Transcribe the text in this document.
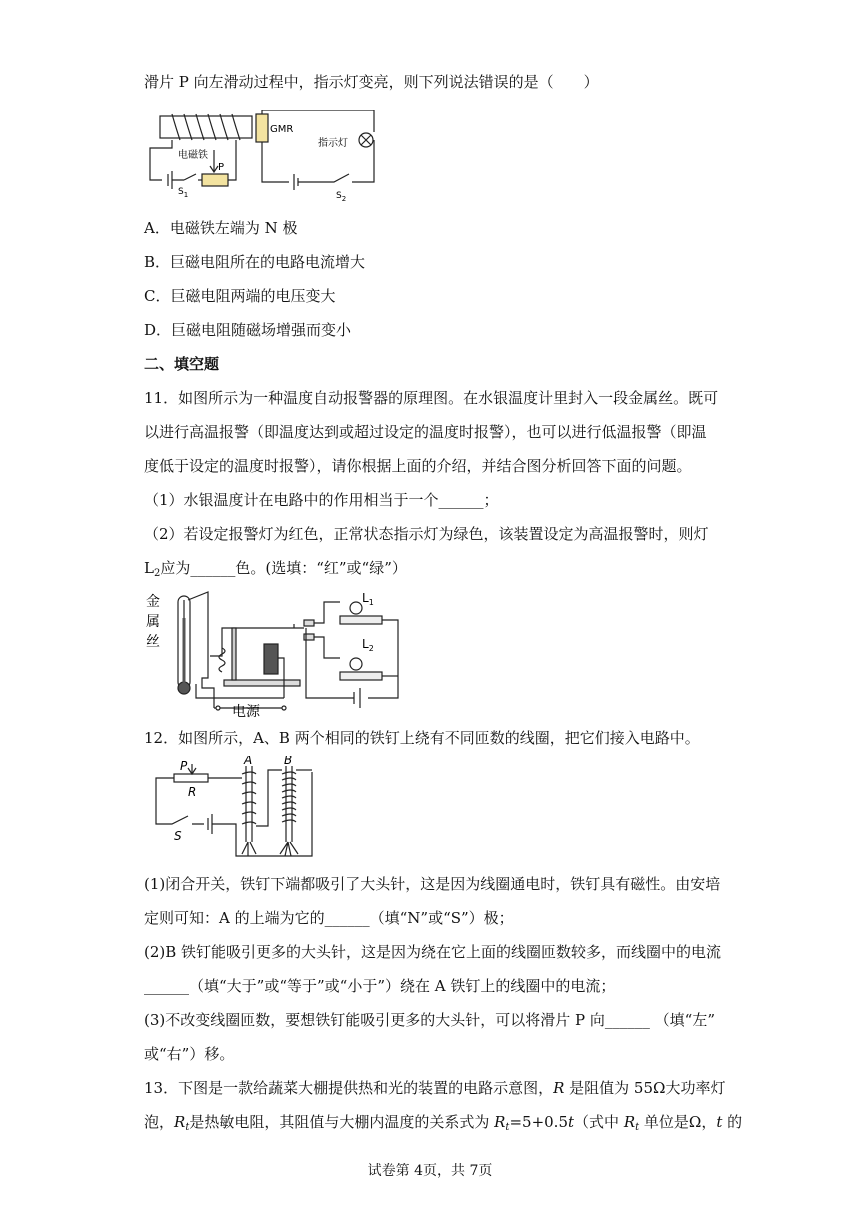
滑片 P 向左滑动过程中，指示灯变亮，则下列说法错误的是（　　）
GMR
电磁铁
指示灯
P
$S_1$	$S_2$
A．电磁铁左端为 N 极
B．巨磁电阻所在的电路电流增大
C．巨磁电阻两端的电压变大
D．巨磁电阻随磁场增强而变小
二、填空题
11．如图所示为一种温度自动报警器的原理图。在水银温度计里封入一段金属丝。既可
以进行高温报警（即温度达到或超过设定的温度时报警），也可以进行低温报警（即温
度低于设定的温度时报警），请你根据上面的介绍，并结合图分析回答下面的问题。
（1）水银温度计在电路中的作用相当于一个______；
（2）若设定报警灯为红色，正常状态指示灯为绿色，该装置设定为高温报警时，则灯
$L_2$应为______色。(选填：“红”或“绿”）
金
属
丝
电源
$L_1$
$L_2$
12．如图所示，A、B 两个相同的铁钉上绕有不同匝数的线圈，把它们接入电路中。
P
R
S
A	B
(1)闭合开关，铁钉下端都吸引了大头针，这是因为线圈通电时，铁钉具有磁性。由安培
定则可知：A 的上端为它的______（填“N”或“S”）极；
(2)B 铁钉能吸引更多的大头针，这是因为绕在它上面的线圈匝数较多，而线圈中的电流
______（填“大于”或“等于”或“小于”）绕在 A 铁钉上的线圈中的电流；
(3)不改变线圈匝数，要想铁钉能吸引更多的大头针，可以将滑片 P 向______ （填“左”
或“右”）移。
13．下图是一款给蔬菜大棚提供热和光的装置的电路示意图，R 是阻值为 55Ω大功率灯
泡，$R_t$是热敏电阻，其阻值与大棚内温度的关系式为 $R_t=5+0.5t$（式中 $R_t$ 单位是Ω，t 的
试卷第 4页，共 7页
